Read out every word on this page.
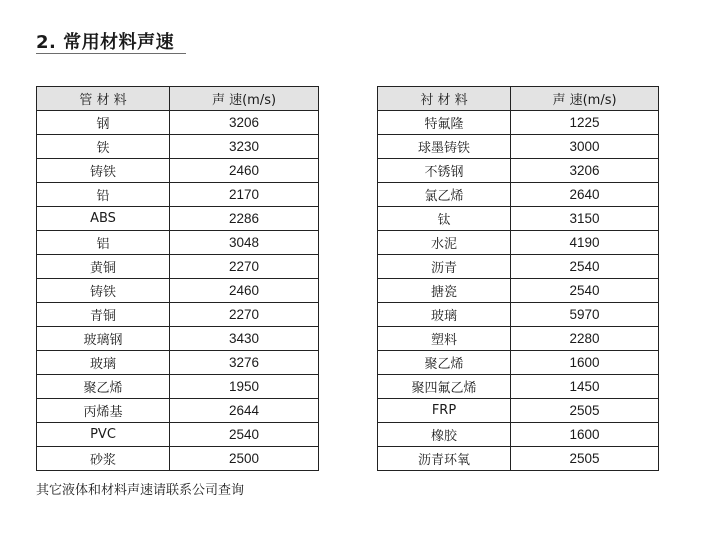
2. 常用材料声速
管 材 料	声 速(m/s)
钢	3206
铁	3230
铸铁	2460
铅	2170
ABS	2286
铝	3048
黄铜	2270
铸铁	2460
青铜	2270
玻璃钢	3430
玻璃	3276
聚乙烯	1950
丙烯基	2644
PVC	2540
砂浆	2500
衬 材 料	声 速(m/s)
特氟隆	1225
球墨铸铁	3000
不锈钢	3206
氯乙烯	2640
钛	3150
水泥	4190
沥青	2540
搪瓷	2540
玻璃	5970
塑料	2280
聚乙烯	1600
聚四氟乙烯	1450
FRP	2505
橡胶	1600
沥青环氧	2505
其它液体和材料声速请联系公司查询
